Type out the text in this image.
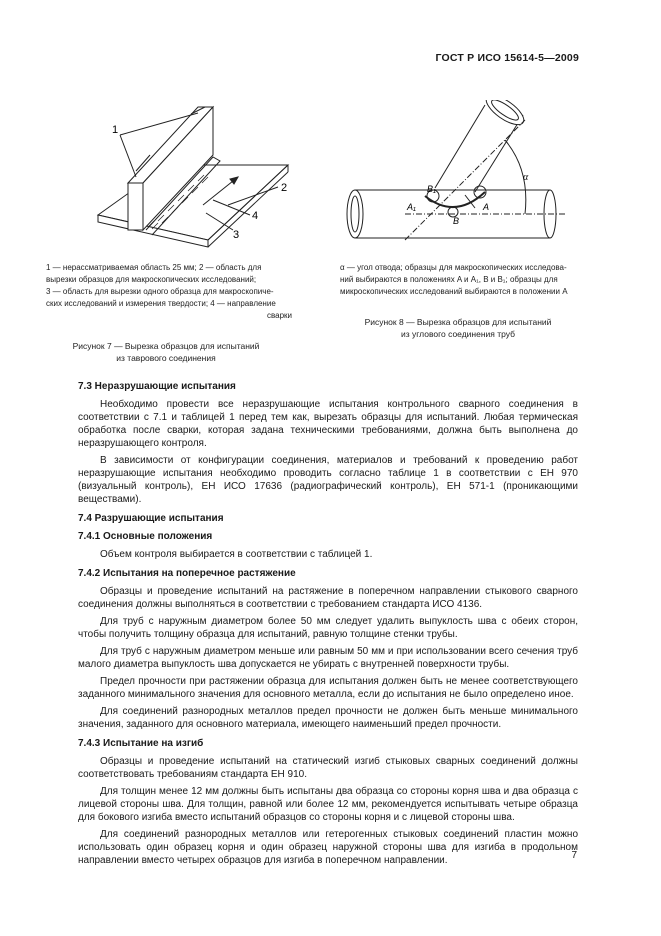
ГОСТ Р ИСО 15614-5—2009
1
2
3
4
B₁
A₁	A
B
α
1 — нерассматриваемая область 25 мм; 2 — область для
вырезки образцов для макроскопических исследований;
3 — область для вырезки одного образца для макроскопиче-
ских исследований и измерения твердости; 4 — направление
сварки
α — угол отвода; образцы для макроскопических исследова-
ний выбираются в положениях A и A₁, B и B₁; образцы для
микроскопических исследований выбираются в положении A
Рисунок 7 — Вырезка образцов для испытаний
из таврового соединения
Рисунок 8 — Вырезка образцов для испытаний
из углового соединения труб
7.3 Неразрушающие испытания

Необходимо провести все неразрушающие испытания контрольного сварного соединения в соответствии с 7.1 и таблицей 1 перед тем как, вырезать образцы для испытаний. Любая термическая обработка после сварки, которая задана техническими требованиями, должна быть выполнена до неразрушающего контроля.

В зависимости от конфигурации соединения, материалов и требований к проведению работ неразрушающие испытания необходимо проводить согласно таблице 1 в соответствии с ЕН 970 (визуальный контроль), ЕН ИСО 17636 (радиографический контроль), ЕН 571-1 (проникающими веществами).

7.4 Разрушающие испытания
7.4.1 Основные положения

Объем контроля выбирается в соответствии с таблицей 1.

7.4.2 Испытания на поперечное растяжение

Образцы и проведение испытаний на растяжение в поперечном направлении стыкового сварного соединения должны выполняться в соответствии с требованием стандарта ИСО 4136.

Для труб с наружным диаметром более 50 мм следует удалить выпуклость шва с обеих сторон, чтобы получить толщину образца для испытаний, равную толщине стенки трубы.

Для труб с наружным диаметром меньше или равным 50 мм и при использовании всего сечения труб малого диаметра выпуклость шва допускается не убирать с внутренней поверхности трубы.

Предел прочности при растяжении образца для испытания должен быть не менее соответствующего заданного минимального значения для основного металла, если до испытания не было определено иное.

Для соединений разнородных металлов предел прочности не должен быть меньше минимального значения, заданного для основного материала, имеющего наименьший предел прочности.

7.4.3 Испытание на изгиб

Образцы и проведение испытаний на статический изгиб стыковых сварных соединений должны соответствовать требованиям стандарта ЕН 910.

Для толщин менее 12 мм должны быть испытаны два образца со стороны корня шва и два образца с лицевой стороны шва. Для толщин, равной или более 12 мм, рекомендуется испытывать четыре образца для бокового изгиба вместо испытаний образцов со стороны корня и с лицевой стороны шва.

Для соединений разнородных металлов или гетерогенных стыковых соединений пластин можно использовать один образец корня и один образец наружной стороны шва для изгиба в продольном направлении вместо четырех образцов для изгиба в поперечном направлении.	7
